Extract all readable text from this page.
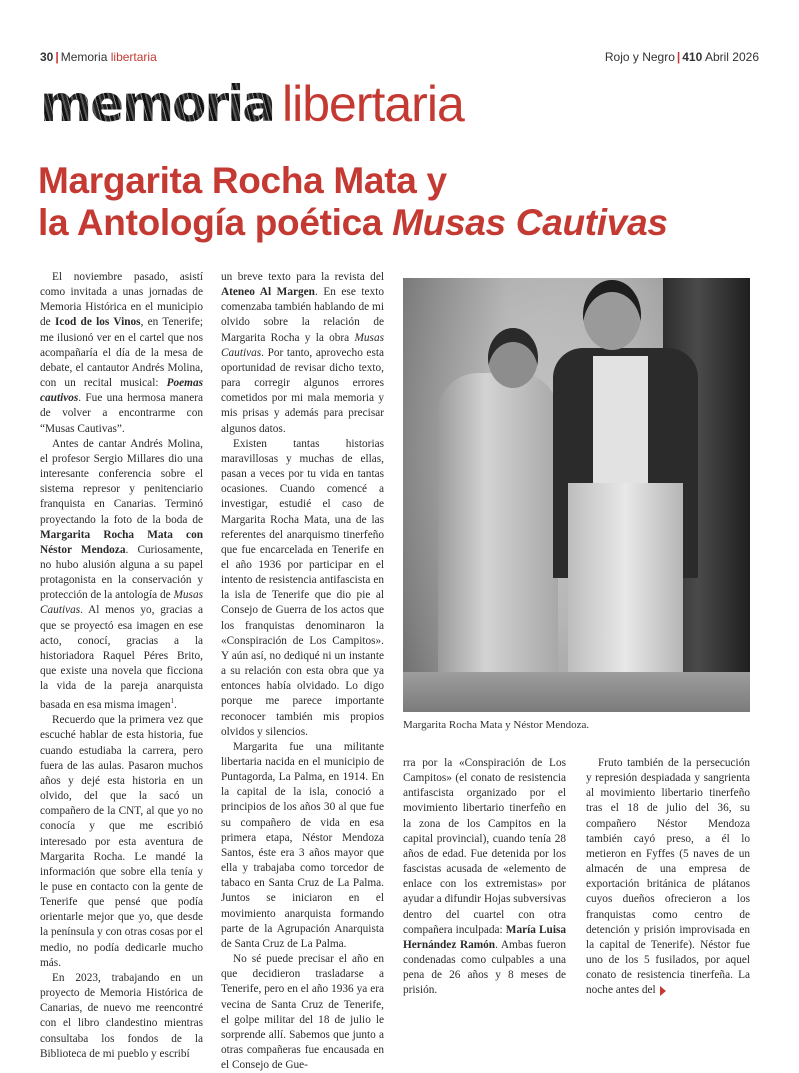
30 | Memoria libertaria	Rojo y Negro | 410 Abril 2026
memoria libertaria
Margarita Rocha Mata y
la Antología poética Musas Cautivas

El noviembre pasado, asistí como invitada a unas jornadas de Memoria Histórica en el municipio de Icod de los Vinos, en Tenerife; me ilusionó ver en el cartel que nos acompañaría el día de la mesa de debate, el cantautor Andrés Molina, con un recital musical: Poemas cautivos. Fue una hermosa manera de volver a encontrarme con “Musas Cautivas”.

Antes de cantar Andrés Molina, el profesor Sergio Millares dio una interesante conferencia sobre el sistema represor y penitenciario franquista en Canarias. Terminó proyectando la foto de la boda de Margarita Rocha Mata con Néstor Mendoza. Curiosamente, no hubo alusión alguna a su papel protagonista en la conservación y protección de la antología de Musas Cautivas. Al menos yo, gracias a que se proyectó esa imagen en ese acto, conocí, gracias a la historiadora Raquel Péres Brito, que existe una novela que ficciona la vida de la pareja anarquista basada en esa misma imagen$^1$.

Recuerdo que la primera vez que escuché hablar de esta historia, fue cuando estudiaba la carrera, pero fuera de las aulas. Pasaron muchos años y dejé esta historia en un olvido, del que la sacó un compañero de la CNT, al que yo no conocía y que me escribió interesado por esta aventura de Margarita Rocha. Le mandé la información que sobre ella tenía y le puse en contacto con la gente de Tenerife que pensé que podía orientarle mejor que yo, que desde la península y con otras cosas por el medio, no podía dedicarle mucho más.

En 2023, trabajando en un proyecto de Memoria Histórica de Canarias, de nuevo me reencontré con el libro clandestino mientras consultaba los fondos de la Biblioteca de mi pueblo y escribí

un breve texto para la revista del Ateneo Al Margen. En ese texto comenzaba también hablando de mi olvido sobre la relación de Margarita Rocha y la obra Musas Cautivas. Por tanto, aprovecho esta oportunidad de revisar dicho texto, para corregir algunos errores cometidos por mi mala memoria y mis prisas y además para precisar algunos datos.

Existen tantas historias maravillosas y muchas de ellas, pasan a veces por tu vida en tantas ocasiones. Cuando comencé a investigar, estudié el caso de Margarita Rocha Mata, una de las referentes del anarquismo tinerfeño que fue encarcelada en Tenerife en el año 1936 por participar en el intento de resistencia antifascista en la isla de Tenerife que dio pie al Consejo de Guerra de los actos que los franquistas denominaron la «Conspiración de Los Campitos». Y aún así, no dediqué ni un instante a su relación con esta obra que ya entonces había olvidado. Lo digo porque me parece importante reconocer también mis propios olvidos y silencios.

Margarita fue una militante libertaria nacida en el municipio de Puntagorda, La Palma, en 1914. En la capital de la isla, conoció a principios de los años 30 al que fue su compañero de vida en esa primera etapa, Néstor Mendoza Santos, éste era 3 años mayor que ella y trabajaba como torcedor de tabaco en Santa Cruz de La Palma. Juntos se iniciaron en el movimiento anarquista formando parte de la Agrupación Anarquista de Santa Cruz de La Palma.

No sé puede precisar el año en que decidieron trasladarse a Tenerife, pero en el año 1936 ya era vecina de Santa Cruz de Tenerife, el golpe militar del 18 de julio le sorprende allí. Sabemos que junto a otras compañeras fue encausada en el Consejo de Gue-

Margarita Rocha Mata y Néstor Mendoza.

rra por la «Conspiración de Los Campitos» (el conato de resistencia antifascista organizado por el movimiento libertario tinerfeño en la zona de los Campitos en la capital provincial), cuando tenía 28 años de edad. Fue detenida por los fascistas acusada de «elemento de enlace con los extremistas» por ayudar a difundir Hojas subversivas dentro del cuartel con otra compañera inculpada: María Luisa Hernández Ramón. Ambas fueron condenadas como culpables a una pena de 26 años y 8 meses de prisión.

Fruto también de la persecución y represión despiadada y sangrienta al movimiento libertario tinerfeño tras el 18 de julio del 36, su compañero Néstor Mendoza también cayó preso, a él lo metieron en Fyffes (5 naves de un almacén de una empresa de exportación británica de plátanos cuyos dueños ofrecieron a los franquistas como centro de detención y prisión improvisada en la capital de Tenerife). Néstor fue uno de los 5 fusilados, por aquel conato de resistencia tinerfeña. La noche antes del
